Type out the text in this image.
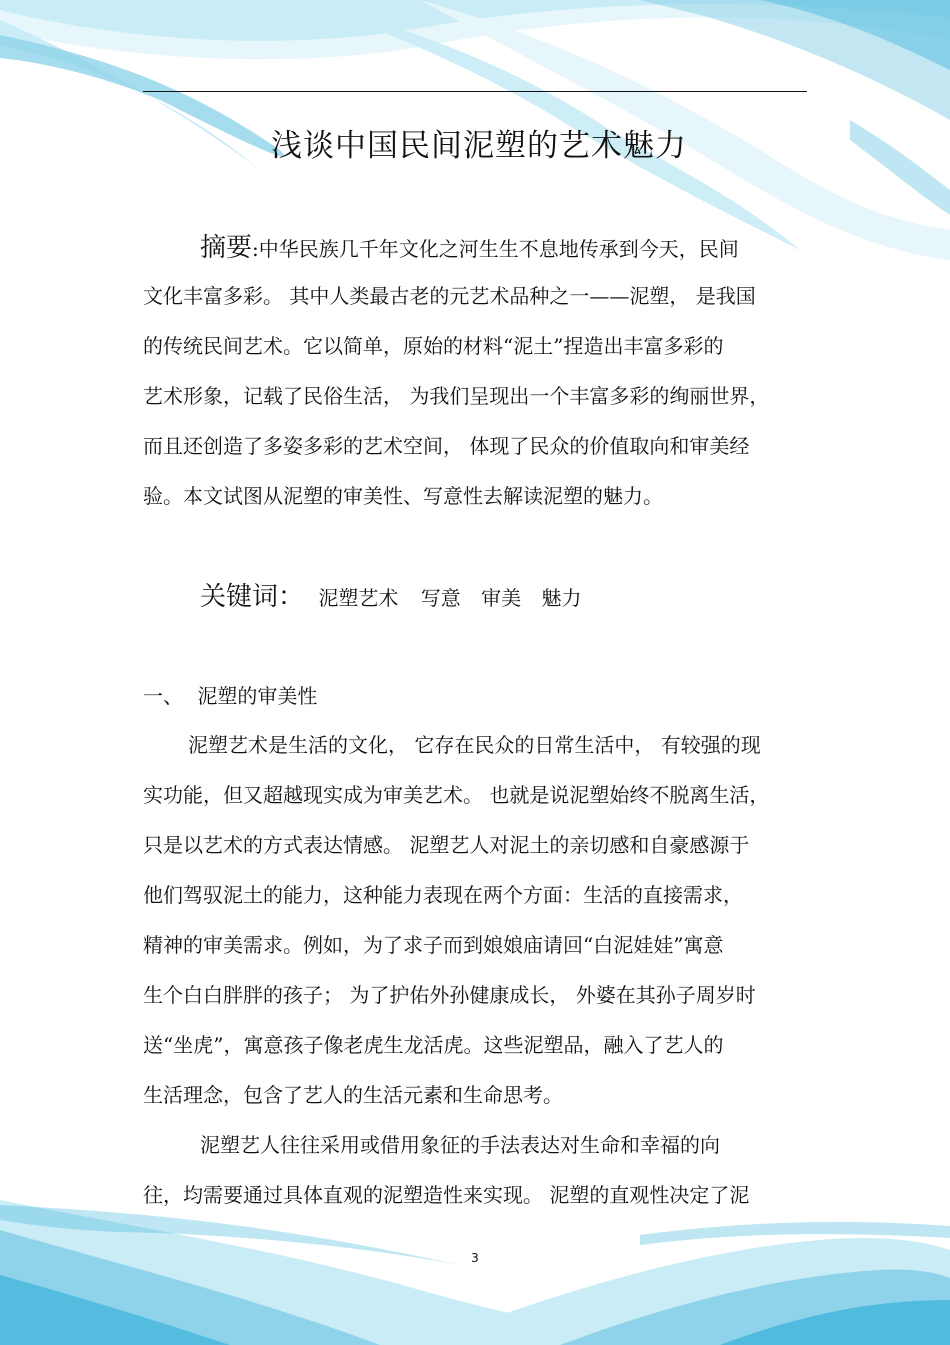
浅谈中国民间泥塑的艺术魅力
摘要:中华民族几千年文化之河生生不息地传承到今天，民间
文化丰富多彩。 其中人类最古老的元艺术品种之一——泥塑， 是我国
的传统民间艺术。它以简单，原始的材料“泥土”捏造出丰富多彩的
艺术形象，记载了民俗生活， 为我们呈现出一个丰富多彩的绚丽世界，
而且还创造了多姿多彩的艺术空间， 体现了民众的价值取向和审美经
验。本文试图从泥塑的审美性、写意性去解读泥塑的魅力。
关键词： 泥塑艺术 写意 审美 魅力
一、 泥塑的审美性
泥塑艺术是生活的文化， 它存在民众的日常生活中， 有较强的现
实功能，但又超越现实成为审美艺术。 也就是说泥塑始终不脱离生活，
只是以艺术的方式表达情感。 泥塑艺人对泥土的亲切感和自豪感源于
他们驾驭泥土的能力，这种能力表现在两个方面：生活的直接需求，
精神的审美需求。例如，为了求子而到娘娘庙请回“白泥娃娃”寓意
生个白白胖胖的孩子； 为了护佑外孙健康成长， 外婆在其孙子周岁时
送“坐虎”，寓意孩子像老虎生龙活虎。这些泥塑品，融入了艺人的
生活理念，包含了艺人的生活元素和生命思考。
泥塑艺人往往采用或借用象征的手法表达对生命和幸福的向
往，均需要通过具体直观的泥塑造性来实现。 泥塑的直观性决定了泥
3
